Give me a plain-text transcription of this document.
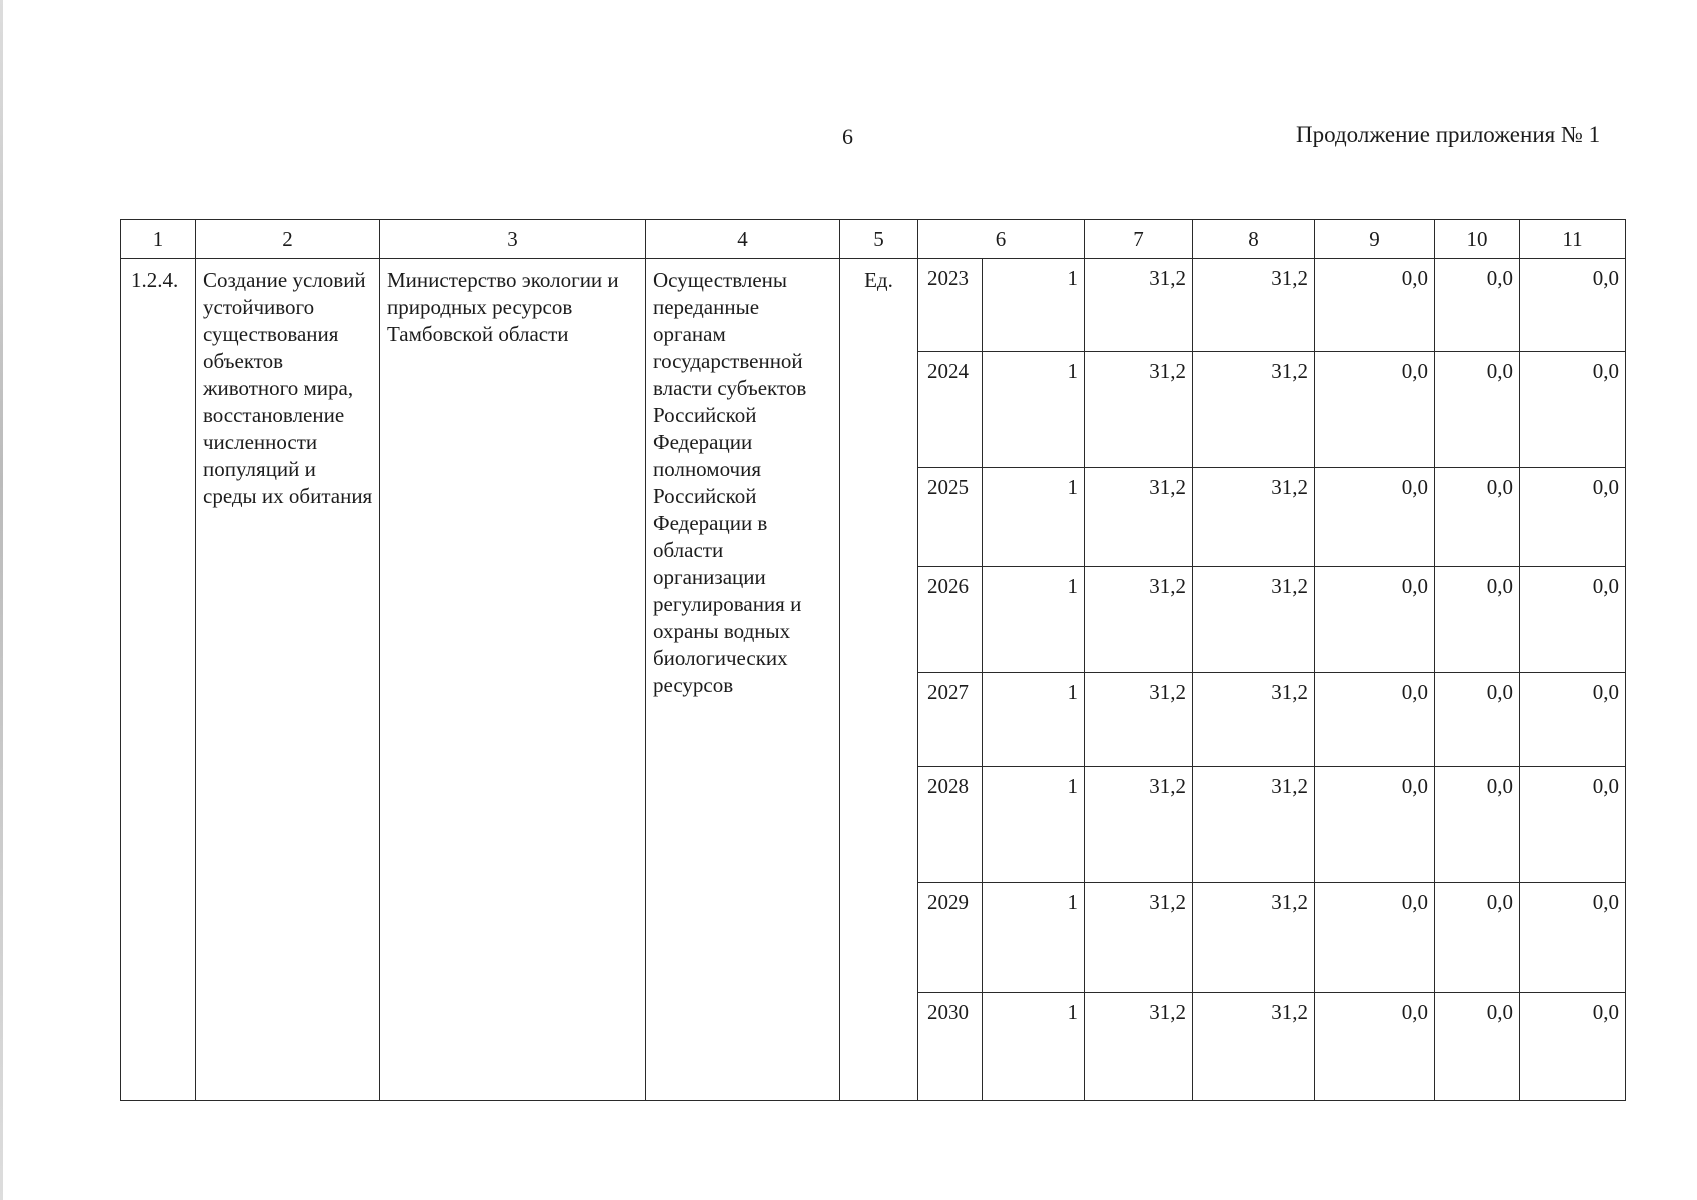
6	Продолжение приложения № 1
1	2	3	4	5	6		7	8	9	10	11
1.2.4.	Создание условий устойчивого существования объектов животного мира, восстановление численности популяций и среды их обитания	Министерство экологии и природных ресурсов Тамбовской области	Осуществлены переданные органам государственной власти субъектов Российской Федерации полномочия Российской Федерации в области организации регулирования и охраны водных биологических ресурсов	Ед.	2023	1	31,2	31,2	0,0	0,0	0,0
					2024	1	31,2	31,2	0,0	0,0	0,0
					2025	1	31,2	31,2	0,0	0,0	0,0
					2026	1	31,2	31,2	0,0	0,0	0,0
					2027	1	31,2	31,2	0,0	0,0	0,0
					2028	1	31,2	31,2	0,0	0,0	0,0
					2029	1	31,2	31,2	0,0	0,0	0,0
					2030	1	31,2	31,2	0,0	0,0	0,0
